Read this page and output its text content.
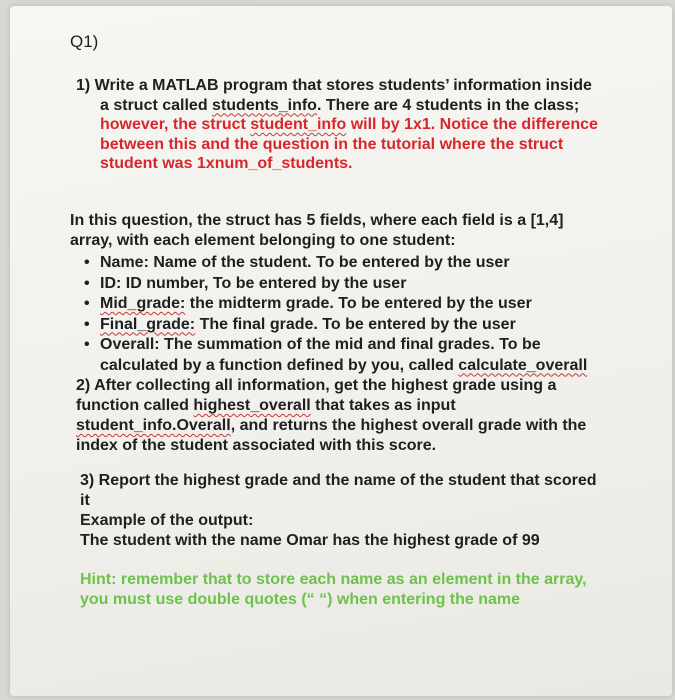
Q1)
1) Write a MATLAB program that stores students’ information inside
a struct called students_info. There are 4 students in the class;
however, the struct student_info will by 1x1. Notice the difference
between this and the question in the tutorial where the struct
student was 1xnum_of_students.
In this question, the struct has 5 fields, where each field is a [1,4]
array, with each element belonging to one student:
• Name: Name of the student. To be entered by the user
• ID: ID number, To be entered by the user
• Mid_grade: the midterm grade. To be entered by the user
• Final_grade: The final grade. To be entered by the user
• Overall: The summation of the mid and final grades. To be
calculated by a function defined by you, called calculate_overall
2) After collecting all information, get the highest grade using a
function called highest_overall that takes as input
student_info.Overall, and returns the highest overall grade with the
index of the student associated with this score.
3) Report the highest grade and the name of the student that scored
it
Example of the output:
The student with the name Omar has the highest grade of 99
Hint: remember that to store each name as an element in the array,
you must use double quotes (“ “) when entering the name
